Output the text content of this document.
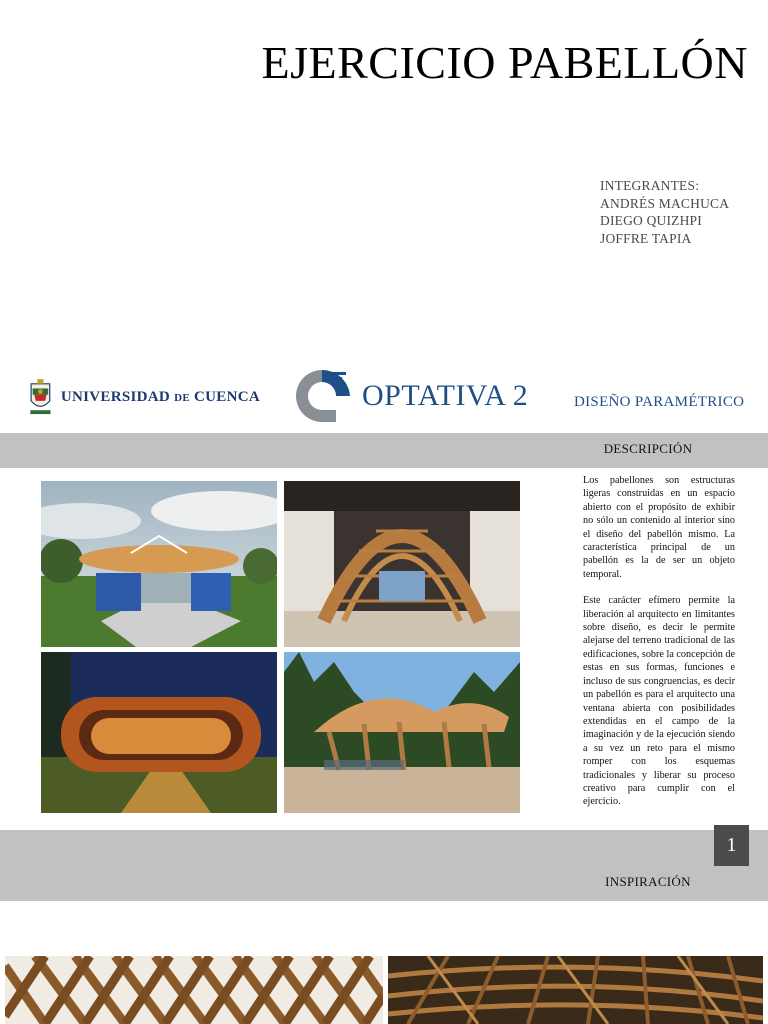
EJERCICIO PABELLÓN
INTEGRANTES:
ANDRÉS MACHUCA
DIEGO QUIZHPI
JOFFRE TAPIA
UNIVERSIDAD DE CUENCA	OPTATIVA 2	DISEÑO PARAMÉTRICO
DESCRIPCIÓN

Los pabellones son estructuras ligeras construidas en un espacio abierto con el propósito de exhibir no sólo un contenido al interior sino el diseño del pabellón mismo. La característica principal de un pabellón es la de ser un objeto temporal.

Este carácter efímero permite la liberación al arquitecto en limitantes sobre diseño, es decir le permite alejarse del terreno tradicional de las edificaciones, sobre la concepción de estas en sus formas, funciones e incluso de sus congruencias, es decir un pabellón es para el arquitecto una ventana abierta con posibilidades extendidas en el campo de la imaginación y de la ejecución siendo a su vez un reto para el mismo romper con los esquemas tradicionales y liberar su proceso creativo para cumplir con el ejercicio.

1
INSPIRACIÓN
